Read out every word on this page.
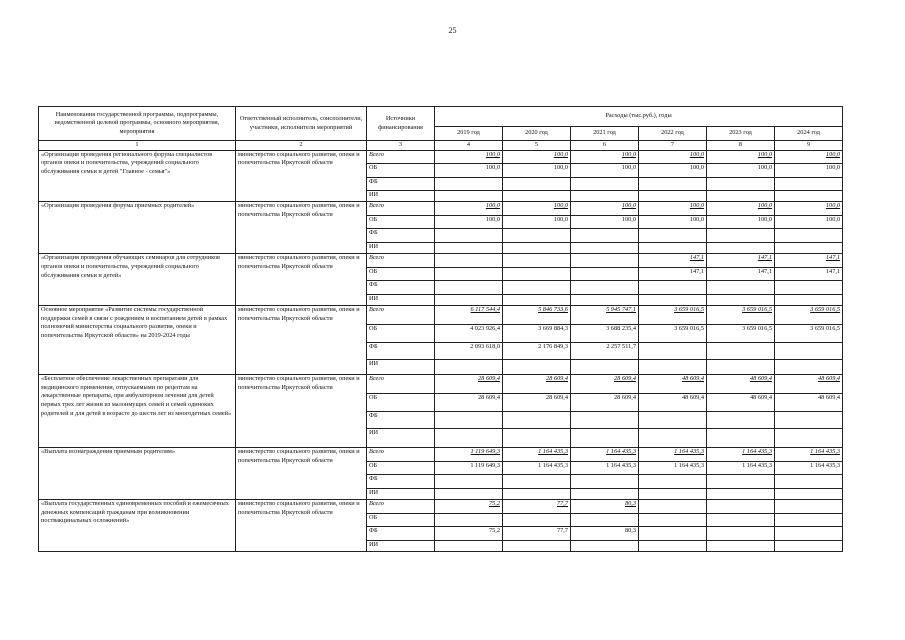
25
Наименования государственной программы, подпрограммы, ведомственной целевой программы, основного мероприятия, мероприятия	Ответственный исполнитель, соисполнители, участники, исполнители мероприятий	Источники финансирования	Расходы (тыс.руб.), годы					
			2019 год	2020 год	2021 год	2022 год	2023 год	2024 год
1	2	3	4	5	6	7	8	9
«Организация проведения регионального форума специалистов органов опеки и попечительства, учреждений социального обслуживания семьи и детей "Главное - семья"»	министерство социального развития, опеки и попечительства Иркутской области	Всего	100,0	100,0	100,0	100,0	100,0	100,0
		ОБ	100,0	100,0	100,0	100,0	100,0	100,0
		ФБ						
		ИИ						
«Организация проведения форума приемных родителей»	министерство социального развития, опеки и попечительства Иркутской области	Всего	100,0	100,0	100,0	100,0	100,0	100,0
		ОБ	100,0	100,0	100,0	100,0	100,0	100,0
		ФБ						
		ИИ						
«Организация проведения обучающих семинаров для сотрудников органов опеки и попечительства, учреждений социального обслуживания семьи и детей»	министерство социального развития, опеки и попечительства Иркутской области	Всего				147,1	147,1	147,1
		ОБ				147,1	147,1	147,1
		ФБ						
		ИИ						
Основное мероприятие «Развитие системы государственной поддержки семей в связи с рождением и воспитанием детей в рамках полномочий министерства социального развития, опеки и попечительства Иркутской области» на 2019-2024 годы	министерство социального развития, опеки и попечительства Иркутской области	Всего	6 117 544,4	5 846 733,6	5 945 747,1	3 659 016,5	3 659 016,5	3 659 016,5
		ОБ	4 023 926,4	3 669 884,3	3 688 235,4	3 659 016,5	3 659 016,5	3 659 016,5
		ФБ	2 093 618,0	2 176 849,3	2 257 511,7			
		ИИ						
«Бесплатное обеспечение лекарственных препаратами для медицинского применения, отпускаемыми по рецептам на лекарственные препараты, при амбулаторном лечении для детей первых трех лет жизни из малоимущих семей и семей одиноких родителей и для детей в возрасте до шести лет из многодетных семей»	министерство социального развития, опеки и попечительства Иркутской области	Всего	28 609,4	28 609,4	28 609,4	48 609,4	48 609,4	48 609,4
		ОБ	28 609,4	28 609,4	28 609,4	48 609,4	48 609,4	48 609,4
		ФБ						
		ИИ						
«Выплата вознаграждения приемным родителям»	министерство социального развития, опеки и попечительства Иркутской области	Всего	1 119 649,3	1 164 435,3	1 164 435,3	1 164 435,3	1 164 435,3	1 164 435,3
		ОБ	1 119 649,3	1 164 435,3	1 164 435,3	1 164 435,3	1 164 435,3	1 164 435,3
		ФБ						
		ИИ						
«Выплата государственных единовременных пособий и ежемесячных денежных компенсаций гражданам при возникновении поствакцинальных осложнений»	министерство социального развития, опеки и попечительства Иркутской области	Всего	75,2	77,7	80,3			
		ОБ						
		ФБ	75,2	77,7	80,3			
		ИИ						
